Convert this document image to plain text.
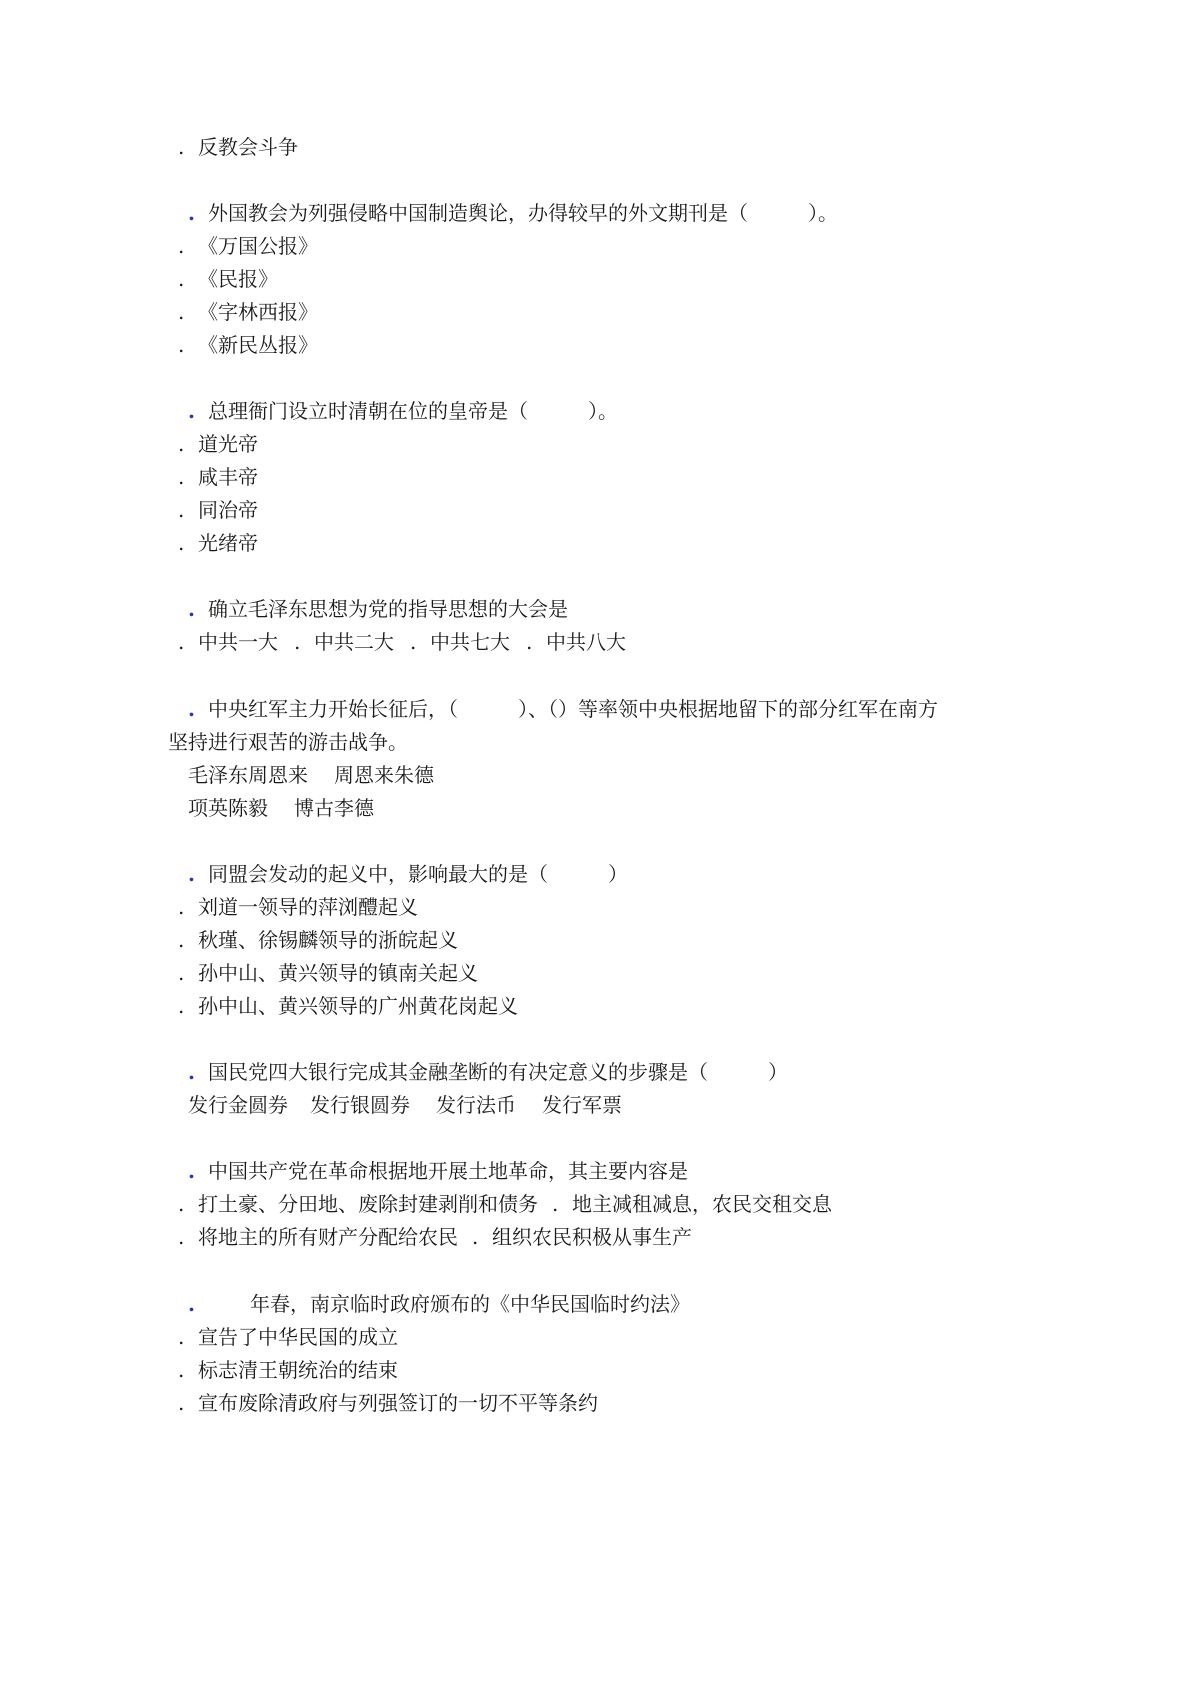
. 反教会斗争
. 外国教会为列强侵略中国制造舆论，办得较早的外文期刊是（　　　）。
. 《万国公报》
. 《民报》
. 《字林西报》
. 《新民丛报》
. 总理衙门设立时清朝在位的皇帝是（　　　）。
. 道光帝
. 咸丰帝
. 同治帝
. 光绪帝
. 确立毛泽东思想为党的指导思想的大会是
. 中共一大 . 中共二大 . 中共七大 . 中共八大
. 中央红军主力开始长征后，（　　　）、（）等率领中央根据地留下的部分红军在南方
坚持进行艰苦的游击战争。
毛泽东周恩来 周恩来朱德
项英陈毅 博古李德
. 同盟会发动的起义中，影响最大的是（　　　）
. 刘道一领导的萍浏醴起义
. 秋瑾、徐锡麟领导的浙皖起义
. 孙中山、黄兴领导的镇南关起义
. 孙中山、黄兴领导的广州黄花岗起义
. 国民党四大银行完成其金融垄断的有决定意义的步骤是（　　　）
发行金圆券 发行银圆券 发行法币 发行军票
. 中国共产党在革命根据地开展土地革命，其主要内容是
. 打土豪、分田地、废除封建剥削和债务 . 地主减租减息，农民交租交息
. 将地主的所有财产分配给农民 . 组织农民积极从事生产
.	年春，南京临时政府颁布的《中华民国临时约法》
. 宣告了中华民国的成立
. 标志清王朝统治的结束
. 宣布废除清政府与列强签订的一切不平等条约
